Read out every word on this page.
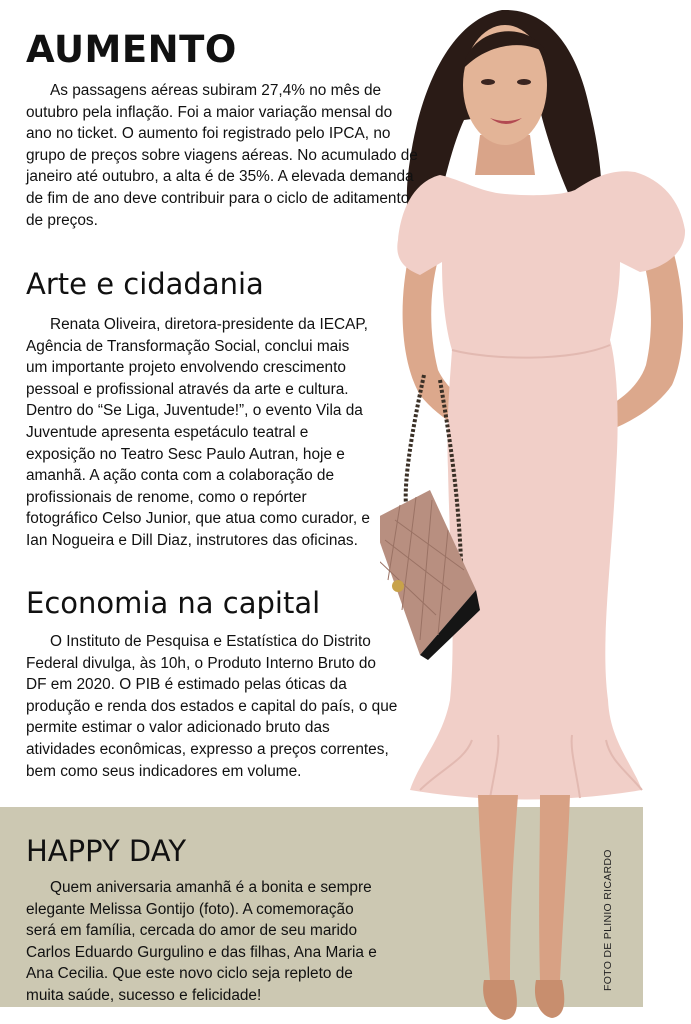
AUMENTO

As passagens aéreas subiram 27,4% no mês de outubro pela inflação. Foi a maior variação mensal do ano no ticket. O aumento foi registrado pelo IPCA, no grupo de preços sobre viagens aéreas. No acumulado de janeiro até outubro, a alta é de 35%. A elevada demanda de fim de ano deve contribuir para o ciclo de aditamento de preços.

Arte e cidadania

Renata Oliveira, diretora-presidente da IECAP, Agência de Transformação Social, conclui mais um importante projeto envolvendo crescimento pessoal e profissional através da arte e cultura. Dentro do “Se Liga, Juventude!”, o evento Vila da Juventude apresenta espetáculo teatral e exposição no Teatro Sesc Paulo Autran, hoje e amanhã. A ação conta com a colaboração de profissionais de renome, como o repórter fotográfico Celso Junior, que atua como curador, e Ian Nogueira e Dill Diaz, instrutores das oficinas.

Economia na capital

O Instituto de Pesquisa e Estatística do Distrito Federal divulga, às 10h, o Produto Interno Bruto do DF em 2020. O PIB é estimado pelas óticas da produção e renda dos estados e capital do país, o que permite estimar o valor adicionado bruto das atividades econômicas, expresso a preços correntes, bem como seus indicadores em volume.

HAPPY DAY

Quem aniversaria amanhã é a bonita e sempre elegante Melissa Gontijo (foto). A comemoração será em família, cercada do amor de seu marido Carlos Eduardo Gurgulino e das filhas, Ana Maria e Ana Cecilia. Que este novo ciclo seja repleto de muita saúde, sucesso e felicidade!

FOTO DE PLINIO RICARDO
